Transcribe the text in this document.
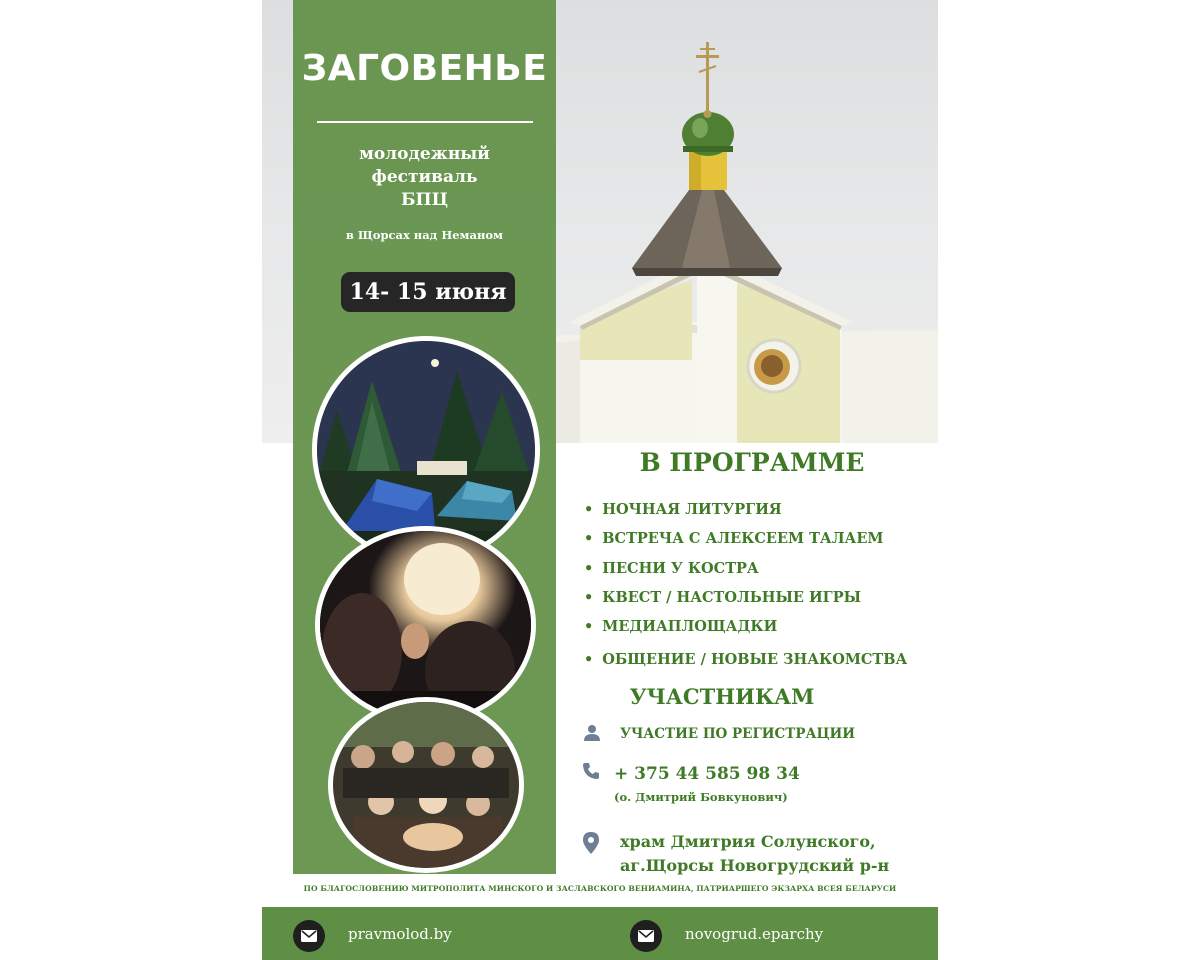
ЗАГОВЕНЬЕ
молодежный
фестиваль
БПЦ
в Щорсах над Неманом
14- 15 июня
В ПРОГРАММЕ
• НОЧНАЯ ЛИТУРГИЯ
• ВСТРЕЧА С АЛЕКСЕЕМ ТАЛАЕМ
• ПЕСНИ У КОСТРА
• КВЕСТ / НАСТОЛЬНЫЕ ИГРЫ
• МЕДИАПЛОЩАДКИ
• ОБЩЕНИЕ / НОВЫЕ ЗНАКОМСТВА
УЧАСТНИКАМ
УЧАСТИЕ ПО РЕГИСТРАЦИИ
+ 375 44 585 98 34
(о. Дмитрий Бовкунович)
храм Дмитрия Солунского,
аг.Щорсы Новогрудский р-н
ПО БЛАГОСЛОВЕНИЮ МИТРОПОЛИТА МИНСКОГО И ЗАСЛАВСКОГО ВЕНИАМИНА, ПАТРИАРШЕГО ЭКЗАРХА ВСЕЯ БЕЛАРУСИ
pravmolod.by	novogrud.eparchy
